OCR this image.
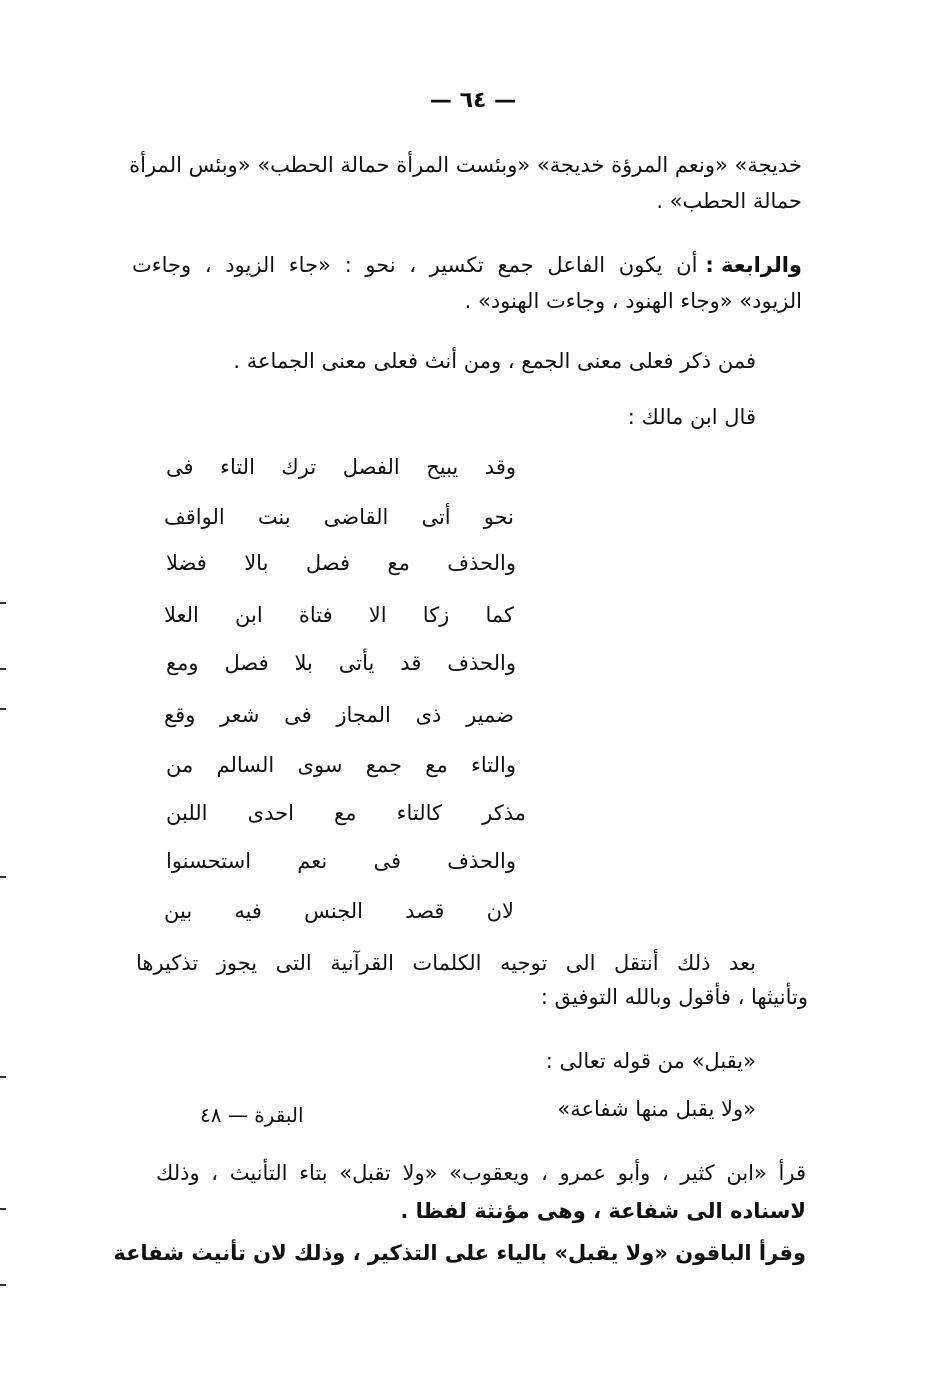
— ٦٤ —
خديجة» «ونعم المرؤة خديجة» «وبئست المرأة حمالة الحطب» «وبئس المرأة
حمالة الحطب» .
والرابعة :
أن يكون الفاعل جمع تكسير ، نحو : «جاء الزيود ، وجاءت
الزيود» «وجاء الهنود ، وجاءت الهنود» .
فمن ذكر فعلى معنى الجمع ، ومن أنث فعلى معنى الجماعة .
قال ابن مالك :
وقد يبيح الفصل ترك التاء فى
نحو أتى القاضى بنت الواقف
والحذف مع فصل بالا فضلا
كما زكا الا فتاة ابن العلا
والحذف قد يأتى بلا فصل ومع
ضمير ذى المجاز فى شعر وقع
والتاء مع جمع سوى السالم من
مذكر كالتاء مع احدى اللبن
والحذف فى نعم استحسنوا
لان قصد الجنس فيه بين
بعد ذلك أنتقل الى توجيه الكلمات القرآنية التى يجوز تذكيرها
وتأنيثها ، فأقول وبالله التوفيق :
«يقبل» من قوله تعالى :
«ولا يقبل منها شفاعة»
البقرة — ٤٨
قرأ «ابن كثير ، وأبو عمرو ، ويعقوب» «ولا تقبل» بتاء التأنيث ، وذلك
لاسناده الى شفاعة ، وهى مؤنثة لفظا .
وقرأ الباقون «ولا يقبل» بالياء على التذكير ، وذلك لان تأنيث شفاعة
